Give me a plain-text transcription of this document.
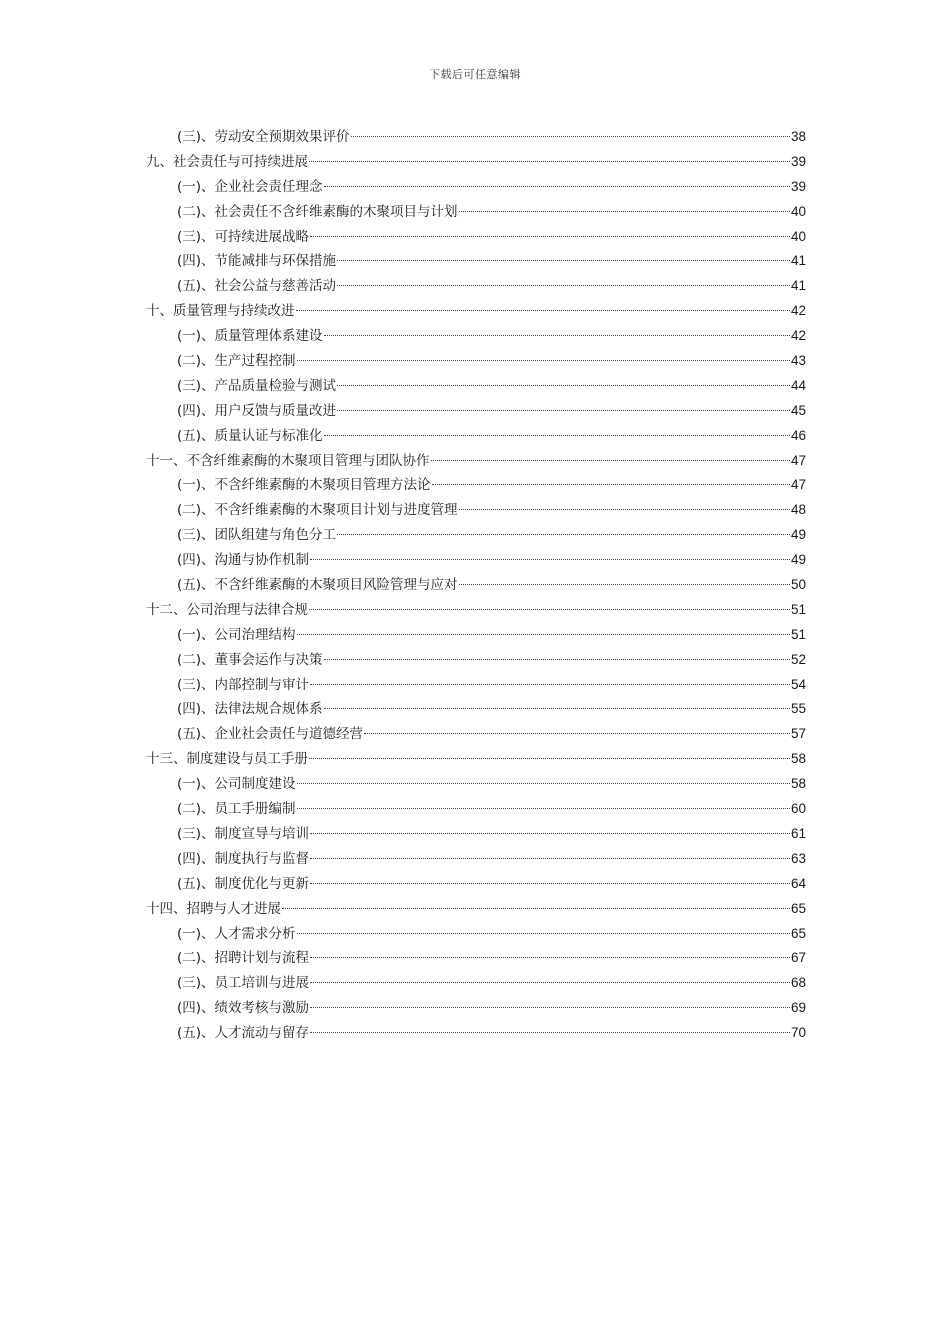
下载后可任意编辑
(三)、劳动安全预期效果评价	38
九、社会责任与可持续进展	39
(一)、企业社会责任理念	39
(二)、社会责任不含纤维素酶的木聚项目与计划	40
(三)、可持续进展战略	40
(四)、节能减排与环保措施	41
(五)、社会公益与慈善活动	41
十、质量管理与持续改进	42
(一)、质量管理体系建设	42
(二)、生产过程控制	43
(三)、产品质量检验与测试	44
(四)、用户反馈与质量改进	45
(五)、质量认证与标准化	46
十一、不含纤维素酶的木聚项目管理与团队协作	47
(一)、不含纤维素酶的木聚项目管理方法论	47
(二)、不含纤维素酶的木聚项目计划与进度管理	48
(三)、团队组建与角色分工	49
(四)、沟通与协作机制	49
(五)、不含纤维素酶的木聚项目风险管理与应对	50
十二、公司治理与法律合规	51
(一)、公司治理结构	51
(二)、董事会运作与决策	52
(三)、内部控制与审计	54
(四)、法律法规合规体系	55
(五)、企业社会责任与道德经营	57
十三、制度建设与员工手册	58
(一)、公司制度建设	58
(二)、员工手册编制	60
(三)、制度宣导与培训	61
(四)、制度执行与监督	63
(五)、制度优化与更新	64
十四、招聘与人才进展	65
(一)、人才需求分析	65
(二)、招聘计划与流程	67
(三)、员工培训与进展	68
(四)、绩效考核与激励	69
(五)、人才流动与留存	70
